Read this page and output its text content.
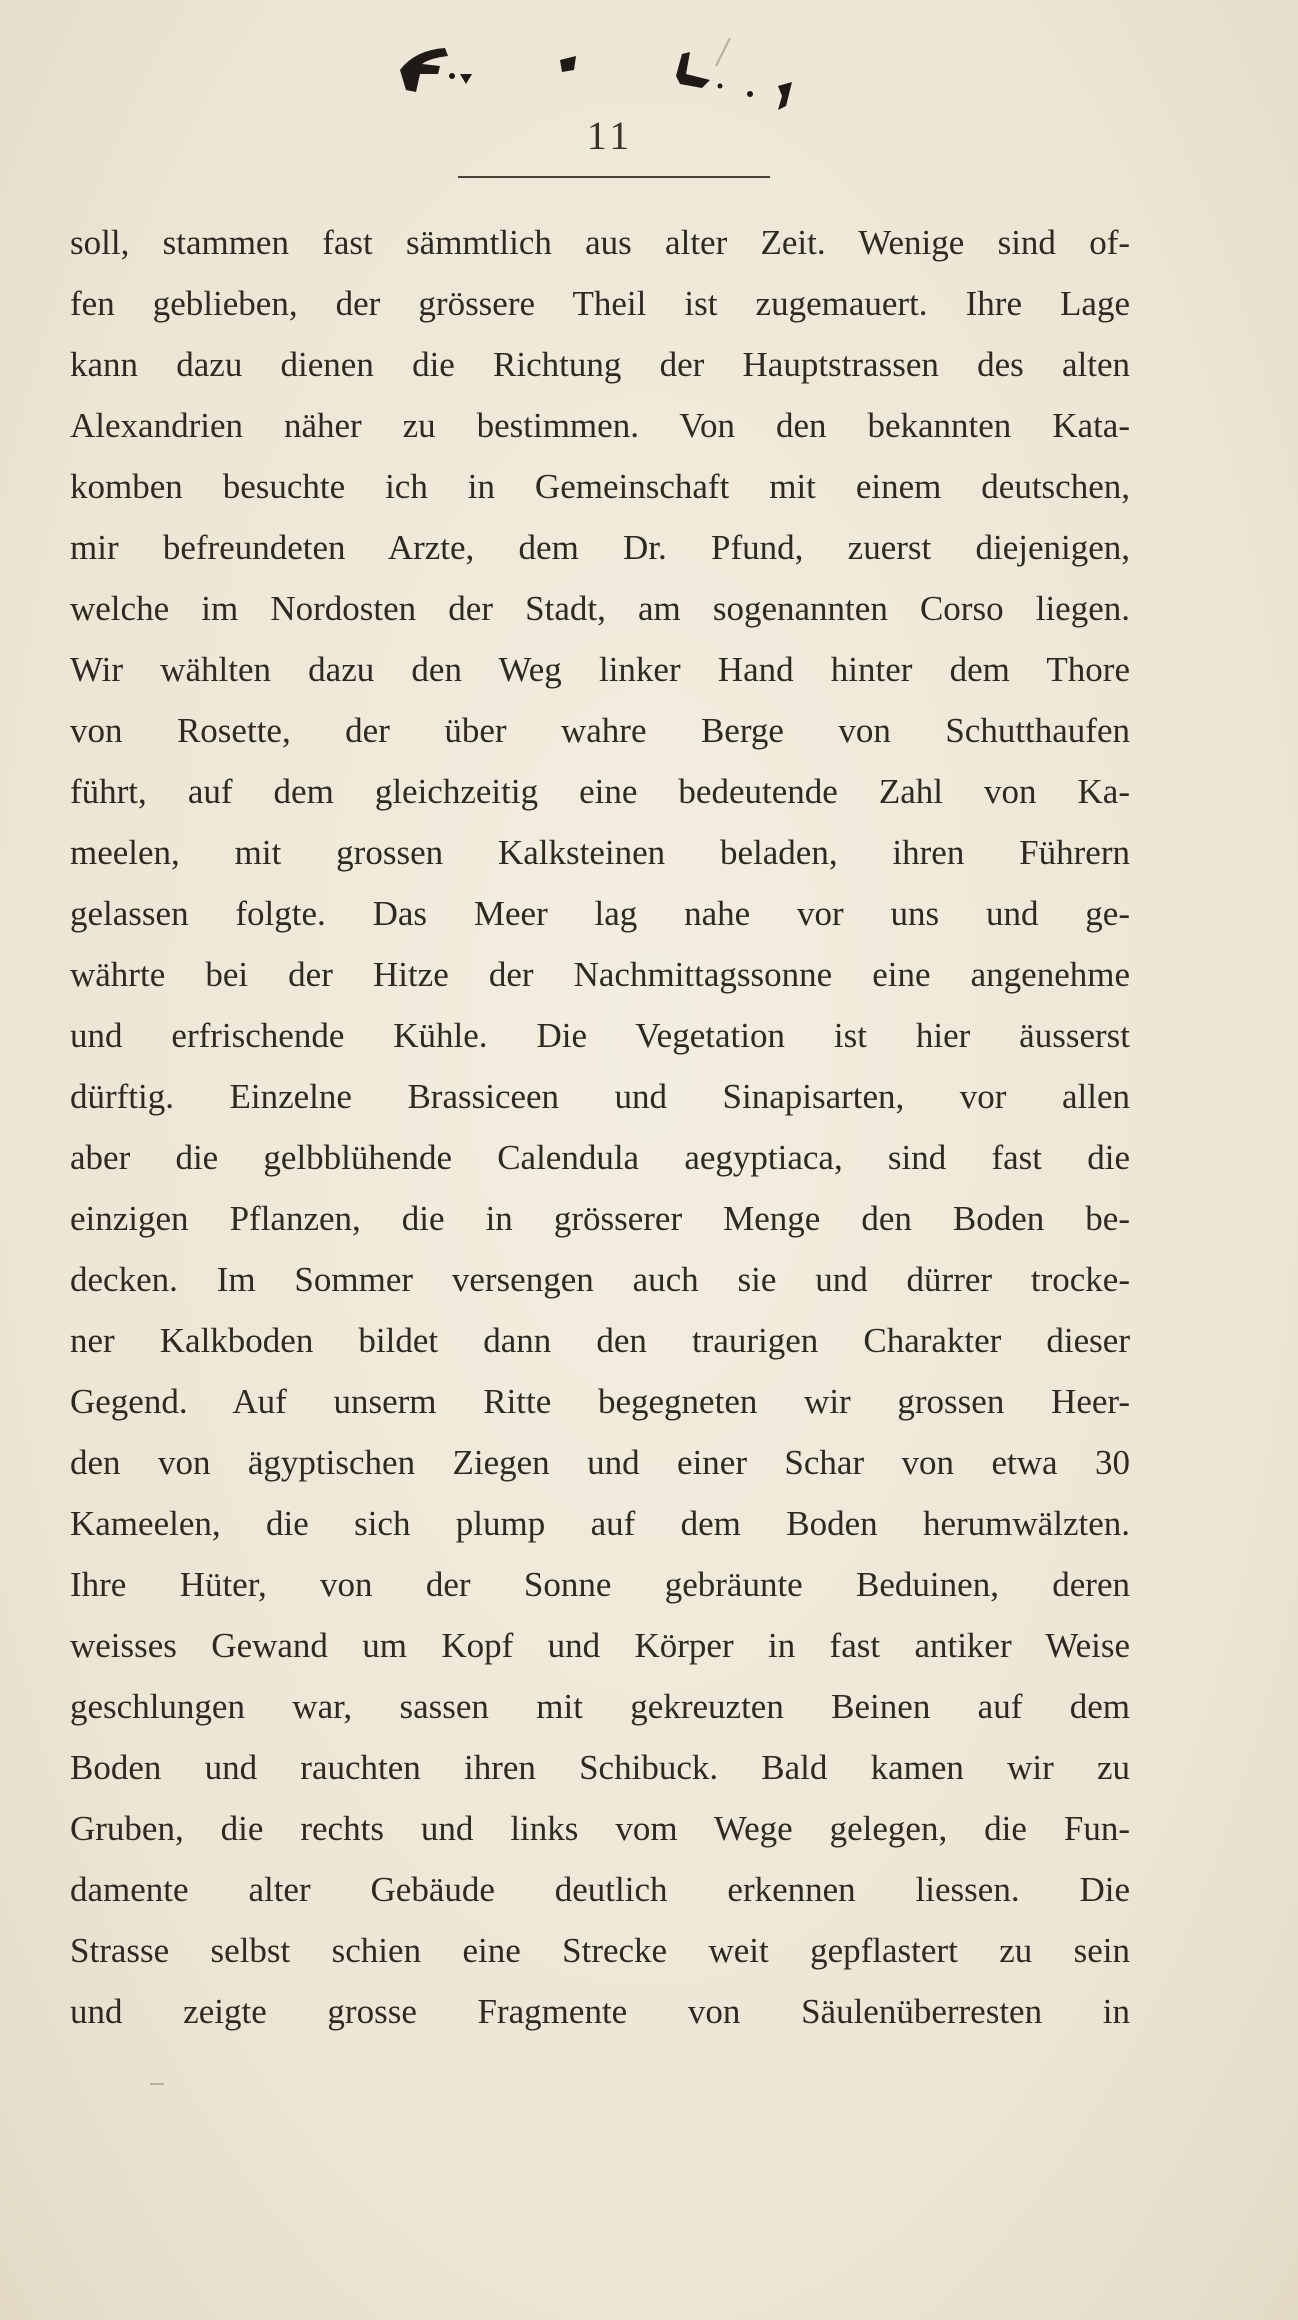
11
soll, stammen fast sämmtlich aus alter Zeit. Wenige sind of-
fen geblieben, der grössere Theil ist zugemauert. Ihre Lage
kann dazu dienen die Richtung der Hauptstrassen des alten
Alexandrien näher zu bestimmen. Von den bekannten Kata-
komben besuchte ich in Gemeinschaft mit einem deutschen,
mir befreundeten Arzte, dem Dr. Pfund, zuerst diejenigen,
welche im Nordosten der Stadt, am sogenannten Corso liegen.
Wir wählten dazu den Weg linker Hand hinter dem Thore
von Rosette, der über wahre Berge von Schutthaufen
führt, auf dem gleichzeitig eine bedeutende Zahl von Ka-
meelen, mit grossen Kalksteinen beladen, ihren Führern
gelassen folgte. Das Meer lag nahe vor uns und ge-
währte bei der Hitze der Nachmittagssonne eine angenehme
und erfrischende Kühle. Die Vegetation ist hier äusserst
dürftig. Einzelne Brassiceen und Sinapisarten, vor allen
aber die gelbblühende Calendula aegyptiaca, sind fast die
einzigen Pflanzen, die in grösserer Menge den Boden be-
decken. Im Sommer versengen auch sie und dürrer trocke-
ner Kalkboden bildet dann den traurigen Charakter dieser
Gegend. Auf unserm Ritte begegneten wir grossen Heer-
den von ägyptischen Ziegen und einer Schar von etwa 30
Kameelen, die sich plump auf dem Boden herumwälzten.
Ihre Hüter, von der Sonne gebräunte Beduinen, deren
weisses Gewand um Kopf und Körper in fast antiker Weise
geschlungen war, sassen mit gekreuzten Beinen auf dem
Boden und rauchten ihren Schibuck. Bald kamen wir zu
Gruben, die rechts und links vom Wege gelegen, die Fun-
damente alter Gebäude deutlich erkennen liessen. Die
Strasse selbst schien eine Strecke weit gepflastert zu sein
und zeigte grosse Fragmente von Säulenüberresten in
